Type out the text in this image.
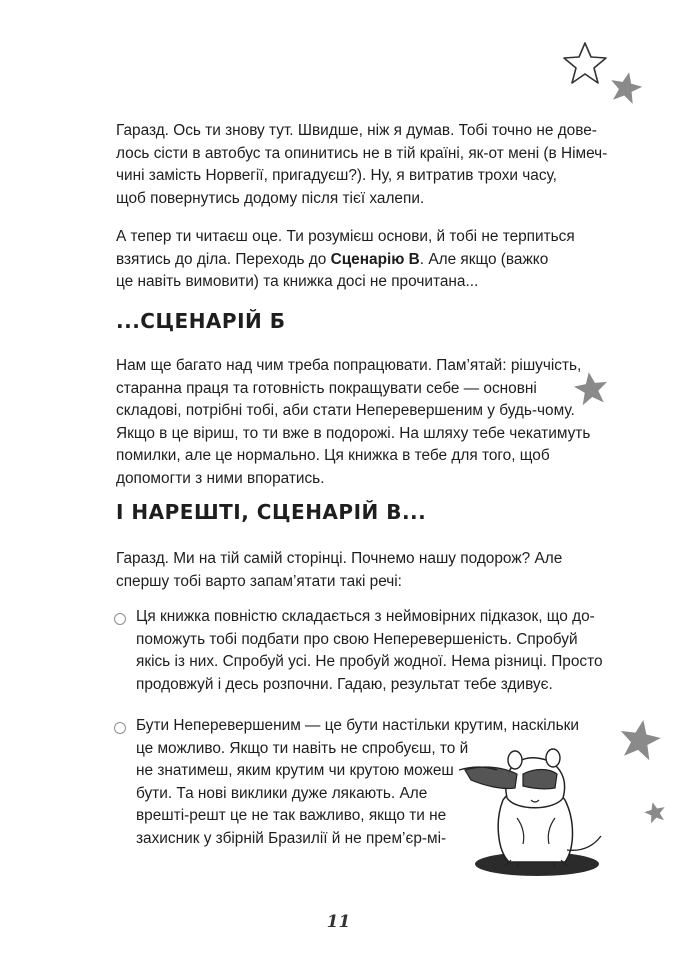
Гаразд. Ось ти знову тут. Швидше, ніж я думав. Тобі точно не дове-
лось сісти в автобус та опинитись не в тій країні, як-от мені (в Німеч-
чині замість Норвегії, пригадуєш?). Ну, я витратив трохи часу,
щоб повернутись додому після тієї халепи.

А тепер ти читаєш оце. Ти розумієш основи, й тобі не терпиться
взятись до діла. Переходь до Сценарію В. Але якщо (важко
це навіть вимовити) та книжка досі не прочитана...

...СЦЕНАРІЙ Б

Нам ще багато над чим треба попрацювати. Пам’ятай: рішучість,
старанна праця та готовність покращувати себе — основні
складові, потрібні тобі, аби стати Неперевершеним у будь-чому.
Якщо в це віриш, то ти вже в подорожі. На шляху тебе чекатимуть
помилки, але це нормально. Ця книжка в тебе для того, щоб
допомогти з ними впоратись.

І НАРЕШТІ, СЦЕНАРІЙ В...

Гаразд. Ми на тій самій сторінці. Почнемо нашу подорож? Але
спершу тобі варто запам’ятати такі речі:

Ця книжка повністю складається з неймовірних підказок, що до-
поможуть тобі подбати про свою Неперевершеність. Спробуй
якісь із них. Спробуй усі. Не пробуй жодної. Нема різниці. Просто
продовжуй і десь розпочни. Гадаю, результат тебе здивує.

Бути Неперевершеним — це бути настільки крутим, наскільки
це можливо. Якщо ти навіть не спробуєш, то й
не знатимеш, яким крутим чи крутою можеш
бути. Та нові виклики дуже лякають. Але
врешті-решт це не так важливо, якщо ти не
захисник у збірній Бразилії й не прем’єр-мі-

11
